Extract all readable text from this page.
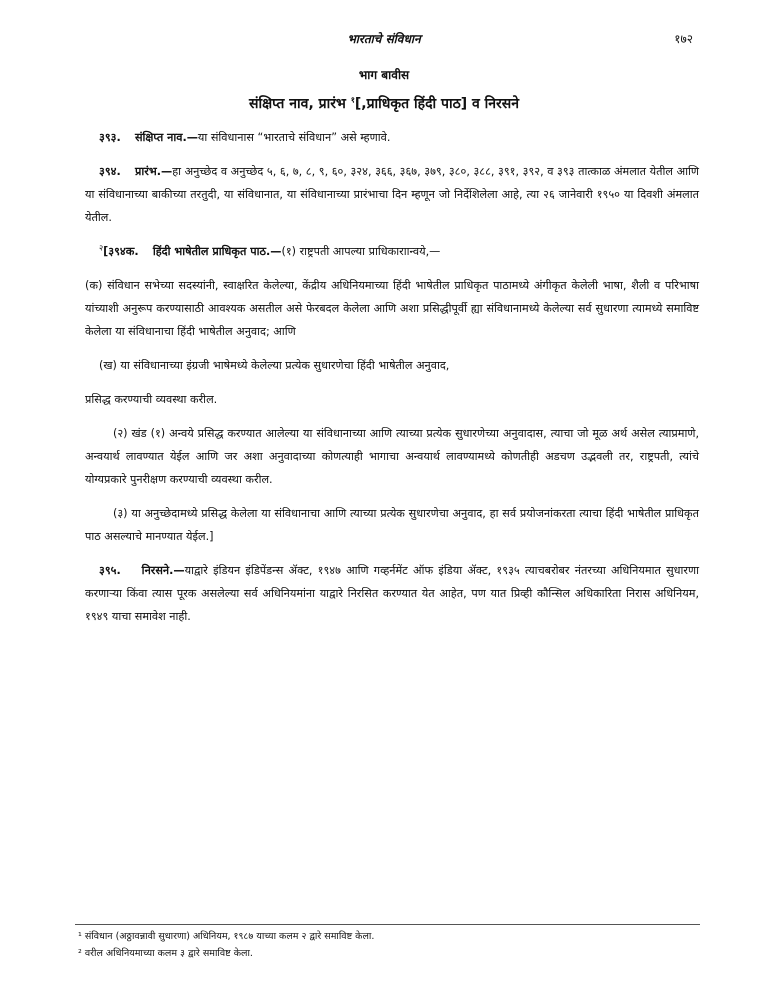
भारताचे संविधान	१७२
भाग बावीस
संक्षिप्त नाव, प्रारंभ $^१$[,प्राधिकृत हिंदी पाठ] व निरसने

३९३. संक्षिप्त नाव.—या संविधानास “भारताचे संविधान” असे म्हणावे.

३९४. प्रारंभ.—हा अनुच्छेद व अनुच्छेद ५, ६, ७, ८, ९, ६०, ३२४, ३६६, ३६७, ३७९, ३८०, ३८८, ३९१, ३९२, व ३९३ तात्काळ अंमलात येतील आणि या संविधानाच्या बाकीच्या तरतुदी, या संविधानात, या संविधानाच्या प्रारंभाचा दिन म्हणून जो निर्देशिलेला आहे, त्या २६ जानेवारी १९५० या दिवशी अंमलात येतील.

$^२$[३९४क. हिंदी भाषेतील प्राधिकृत पाठ.—(१) राष्ट्रपती आपल्या प्राधिकाराान्वये,—

(क) संविधान सभेच्या सदस्यांनी, स्वाक्षरित केलेल्या, केंद्रीय अधिनियमाच्या हिंदी भाषेतील प्राधिकृत पाठामध्ये अंगीकृत केलेली भाषा, शैली व परिभाषा यांच्याशी अनुरूप करण्यासाठी आवश्यक असतील असे फेरबदल केलेला आणि अशा प्रसिद्धीपूर्वी ह्या संविधानामध्ये केलेल्या सर्व सुधारणा त्यामध्ये समाविष्ट केलेला या संविधानाचा हिंदी भाषेतील अनुवाद; आणि

(ख) या संविधानाच्या इंग्रजी भाषेमध्ये केलेल्या प्रत्येक सुधारणेचा हिंदी भाषेतील अनुवाद,

प्रसिद्ध करण्याची व्यवस्था करील.

(२) खंड (१) अन्वये प्रसिद्ध करण्यात आलेल्या या संविधानाच्या आणि त्याच्या प्रत्येक सुधारणेच्या अनुवादास, त्याचा जो मूळ अर्थ असेल त्याप्रमाणे, अन्वयार्थ लावण्यात येईल आणि जर अशा अनुवादाच्या कोणत्याही भागाचा अन्वयार्थ लावण्यामध्ये कोणतीही अडचण उद्भवली तर, राष्ट्रपती, त्यांचे योग्यप्रकारे पुनरीक्षण करण्याची व्यवस्था करील.

(३) या अनुच्छेदामध्ये प्रसिद्ध केलेला या संविधानाचा आणि त्याच्या प्रत्येक सुधारणेचा अनुवाद, हा सर्व प्रयोजनांकरता त्याचा हिंदी भाषेतील प्राधिकृत पाठ असल्याचे मानण्यात येईल.]

३९५. निरसने.—याद्वारे इंडियन इंडिपेंडन्स ॲक्ट, १९४७ आणि गव्हर्नमेंट ऑफ इंडिया ॲक्ट, १९३५ त्याचबरोबर नंतरच्या अधिनियमात सुधारणा करणाऱ्या किंवा त्यास पूरक असलेल्या सर्व अधिनियमांना याद्वारे निरसित करण्यात येत आहेत, पण यात प्रिव्ही कौन्सिल अधिकारिता निरास अधिनियम, १९४९ याचा समावेश नाही.

¹ संविधान (अठ्ठावन्नावी सुधारणा) अधिनियम, १९८७ याच्या कलम २ द्वारे समाविष्ट केला.
² वरील अधिनियमाच्या कलम ३ द्वारे समाविष्ट केला.
